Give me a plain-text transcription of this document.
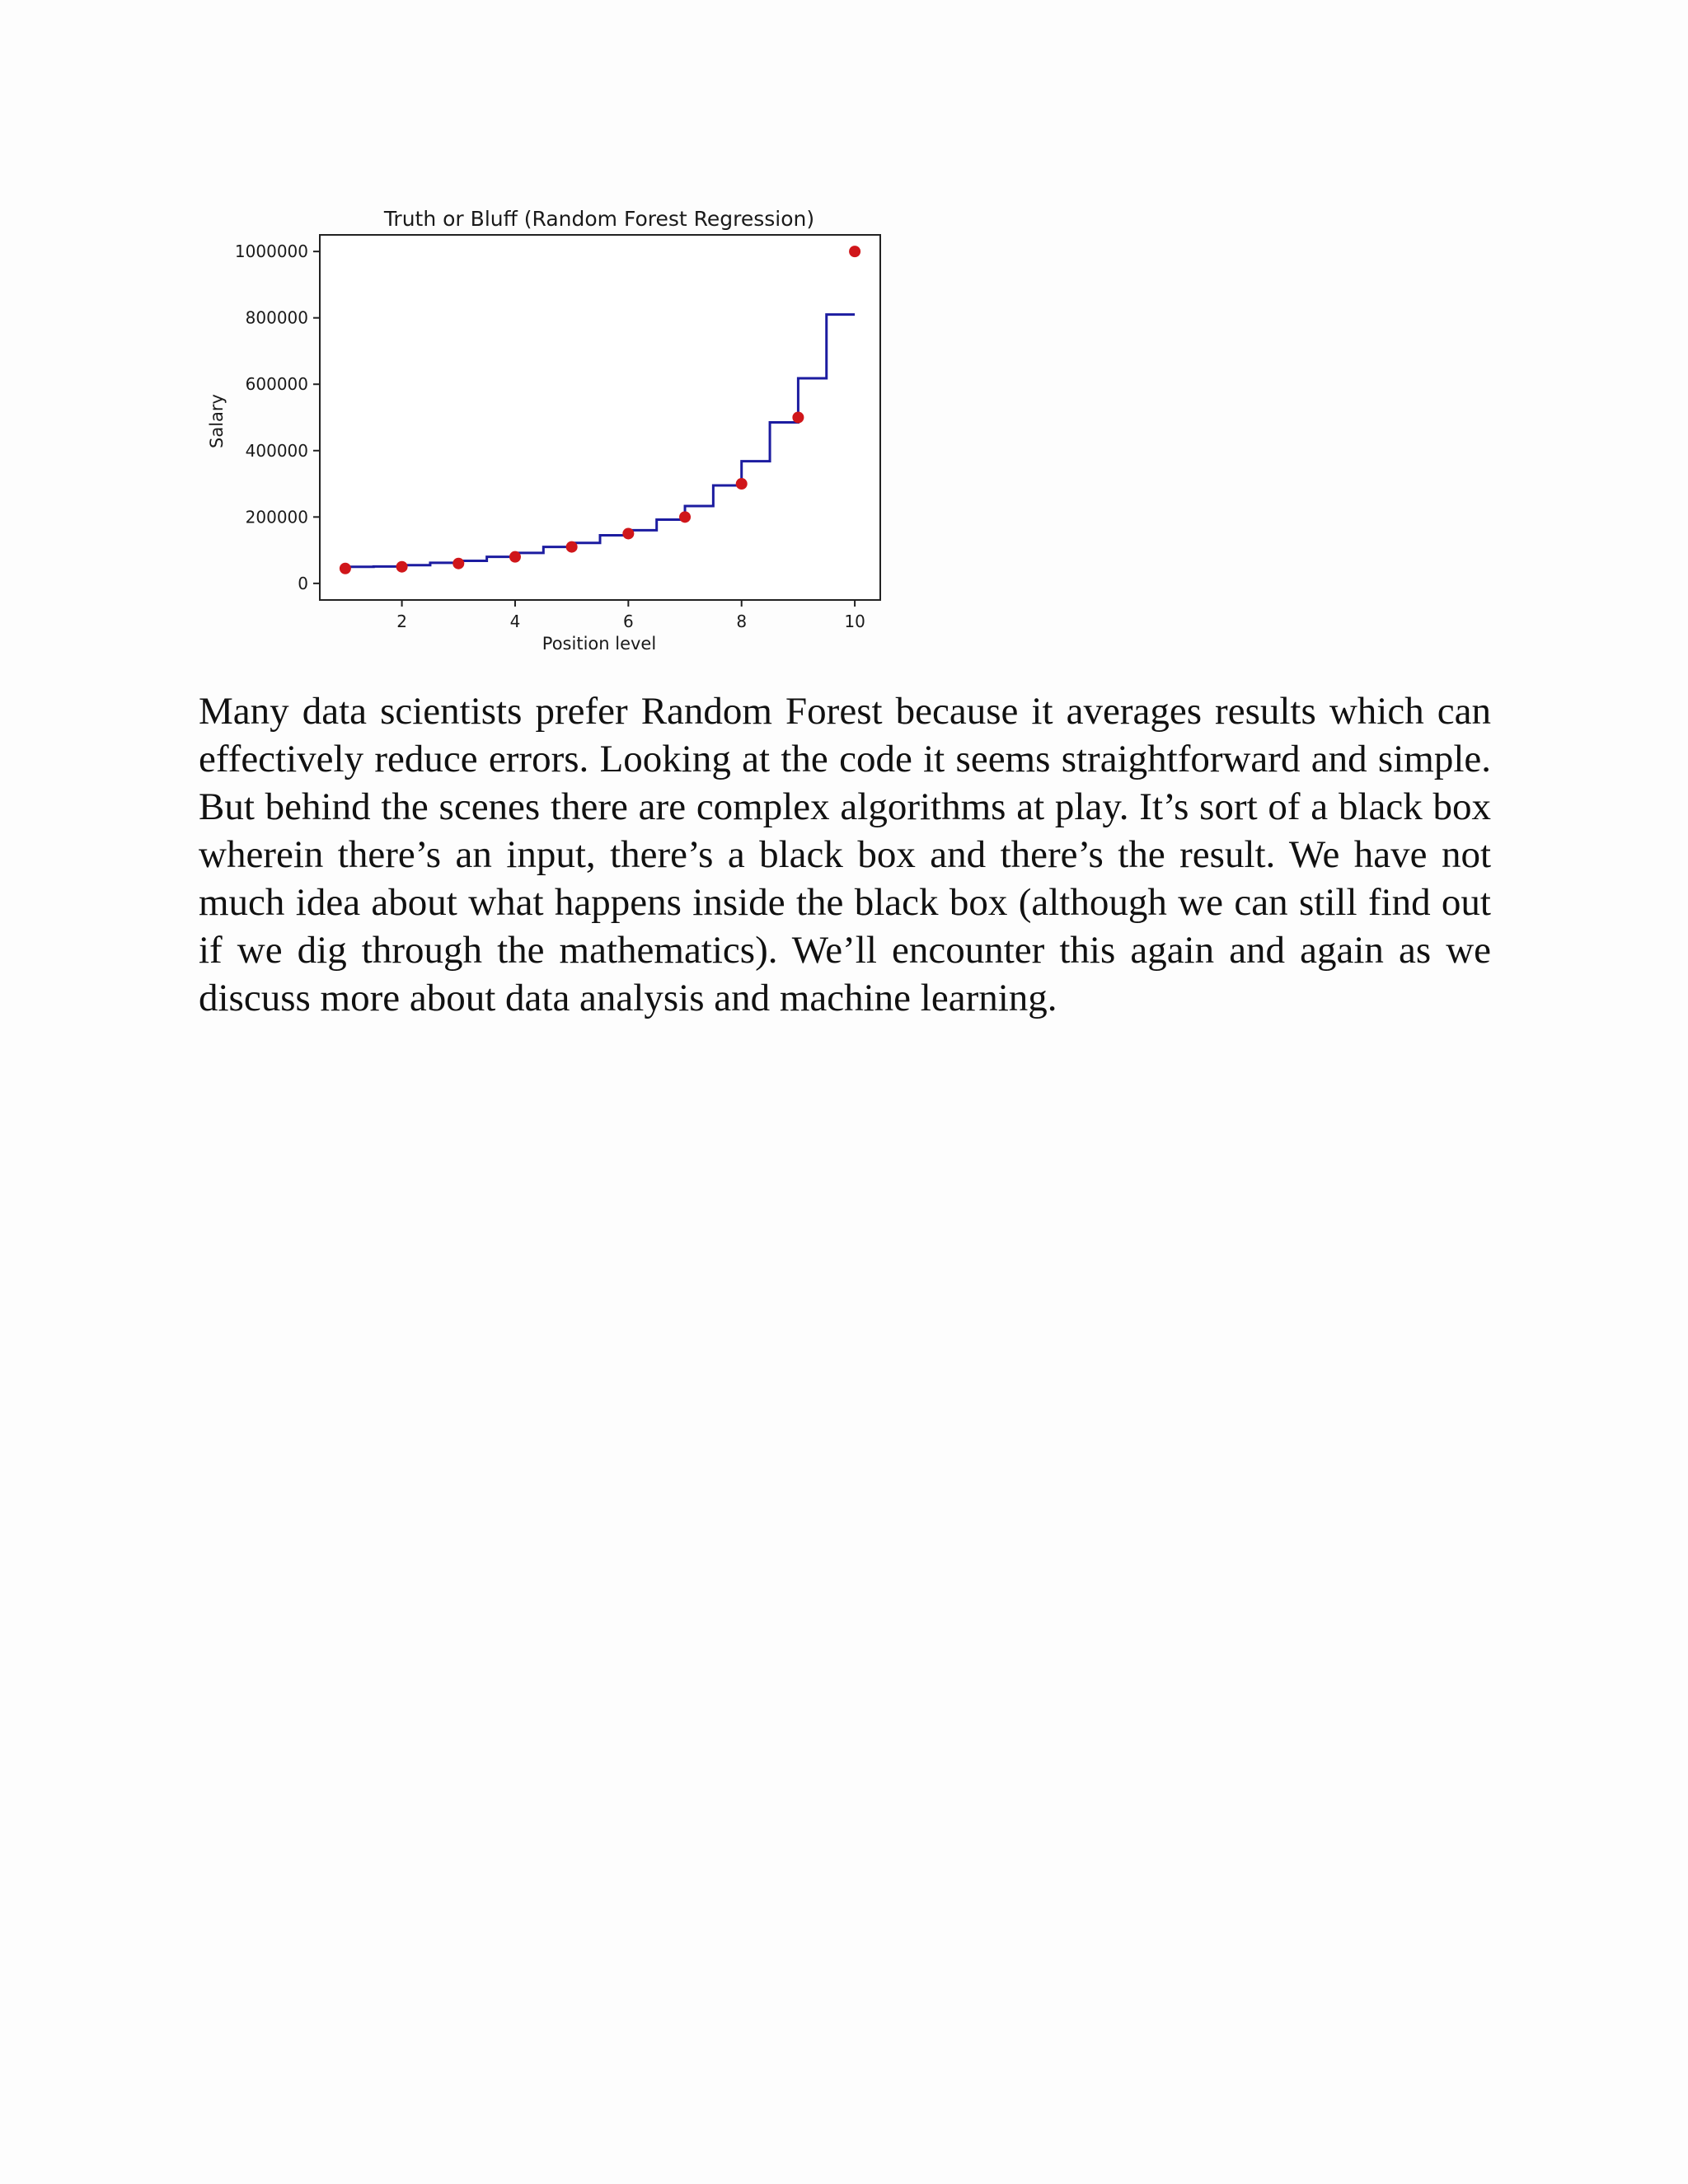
Truth or Bluff (Random Forest Regression)
0
200000
400000
600000
800000
1000000
2	4	6	8	10
Position level
Salary

Many data scientists prefer Random Forest because it averages results which can effectively reduce errors. Looking at the code it seems straightforward and simple. But behind the scenes there are complex algorithms at play. It’s sort of a black box wherein there’s an input, there’s a black box and there’s the result. We have not much idea about what happens inside the black box (although we can still find out if we dig through the mathematics). We’ll encounter this again and again as we discuss more about data analysis and machine learning.
